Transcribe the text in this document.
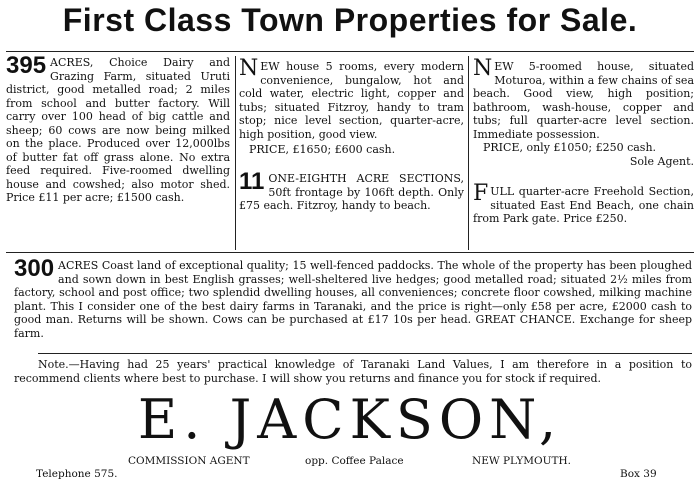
First Class Town Properties for Sale.
395 ACRES, Choice Dairy and Grazing Farm, situated Uruti district, good metalled road; 2 miles from school and butter factory. Will carry over 100 head of big cattle and sheep; 60 cows are now being milked on the place. Produced over 12,000lbs of butter fat off grass alone. No extra feed required. Five-roomed dwelling house and cowshed; also motor shed. Price £11 per acre; £1500 cash.
N EW house 5 rooms, every modern convenience, bungalow, hot and cold water, electric light, copper and tubs; situated Fitzroy, handy to tram stop; nice level section, quarter-acre, high position, good view.
PRICE, £1650; £600 cash.
11 ONE-EIGHTH ACRE SECTIONS, 50ft frontage by 106ft depth. Only £75 each. Fitzroy, handy to beach.
N EW 5-roomed house, situated Moturoa, within a few chains of sea beach. Good view, high position; bathroom, wash-house, copper and tubs; full quarter-acre level section. Immediate possession.
PRICE, only £1050; £250 cash.
Sole Agent.
F ULL quarter-acre Freehold Section, situated East End Beach, one chain from Park gate. Price £250.
300 ACRES Coast land of exceptional quality; 15 well-fenced paddocks. The whole of the property has been ploughed and sown down in best English grasses; well-sheltered live hedges; good metalled road; situated 2½ miles from factory, school and post office; two splendid dwelling houses, all conveniences; concrete floor cowshed, milking machine plant. This I consider one of the best dairy farms in Taranaki, and the price is right—only £58 per acre, £2000 cash to good man. Returns will be shown. Cows can be purchased at £17 10s per head. GREAT CHANCE. Exchange for sheep farm.
Note.—Having had 25 years' practical knowledge of Taranaki Land Values, I am therefore in a position to recommend clients where best to purchase. I will show you returns and finance you for stock if required.
E. JACKSON,
COMMISSION AGENT	opp. Coffee Palace	NEW PLYMOUTH.
Telephone 575.	Box 39
